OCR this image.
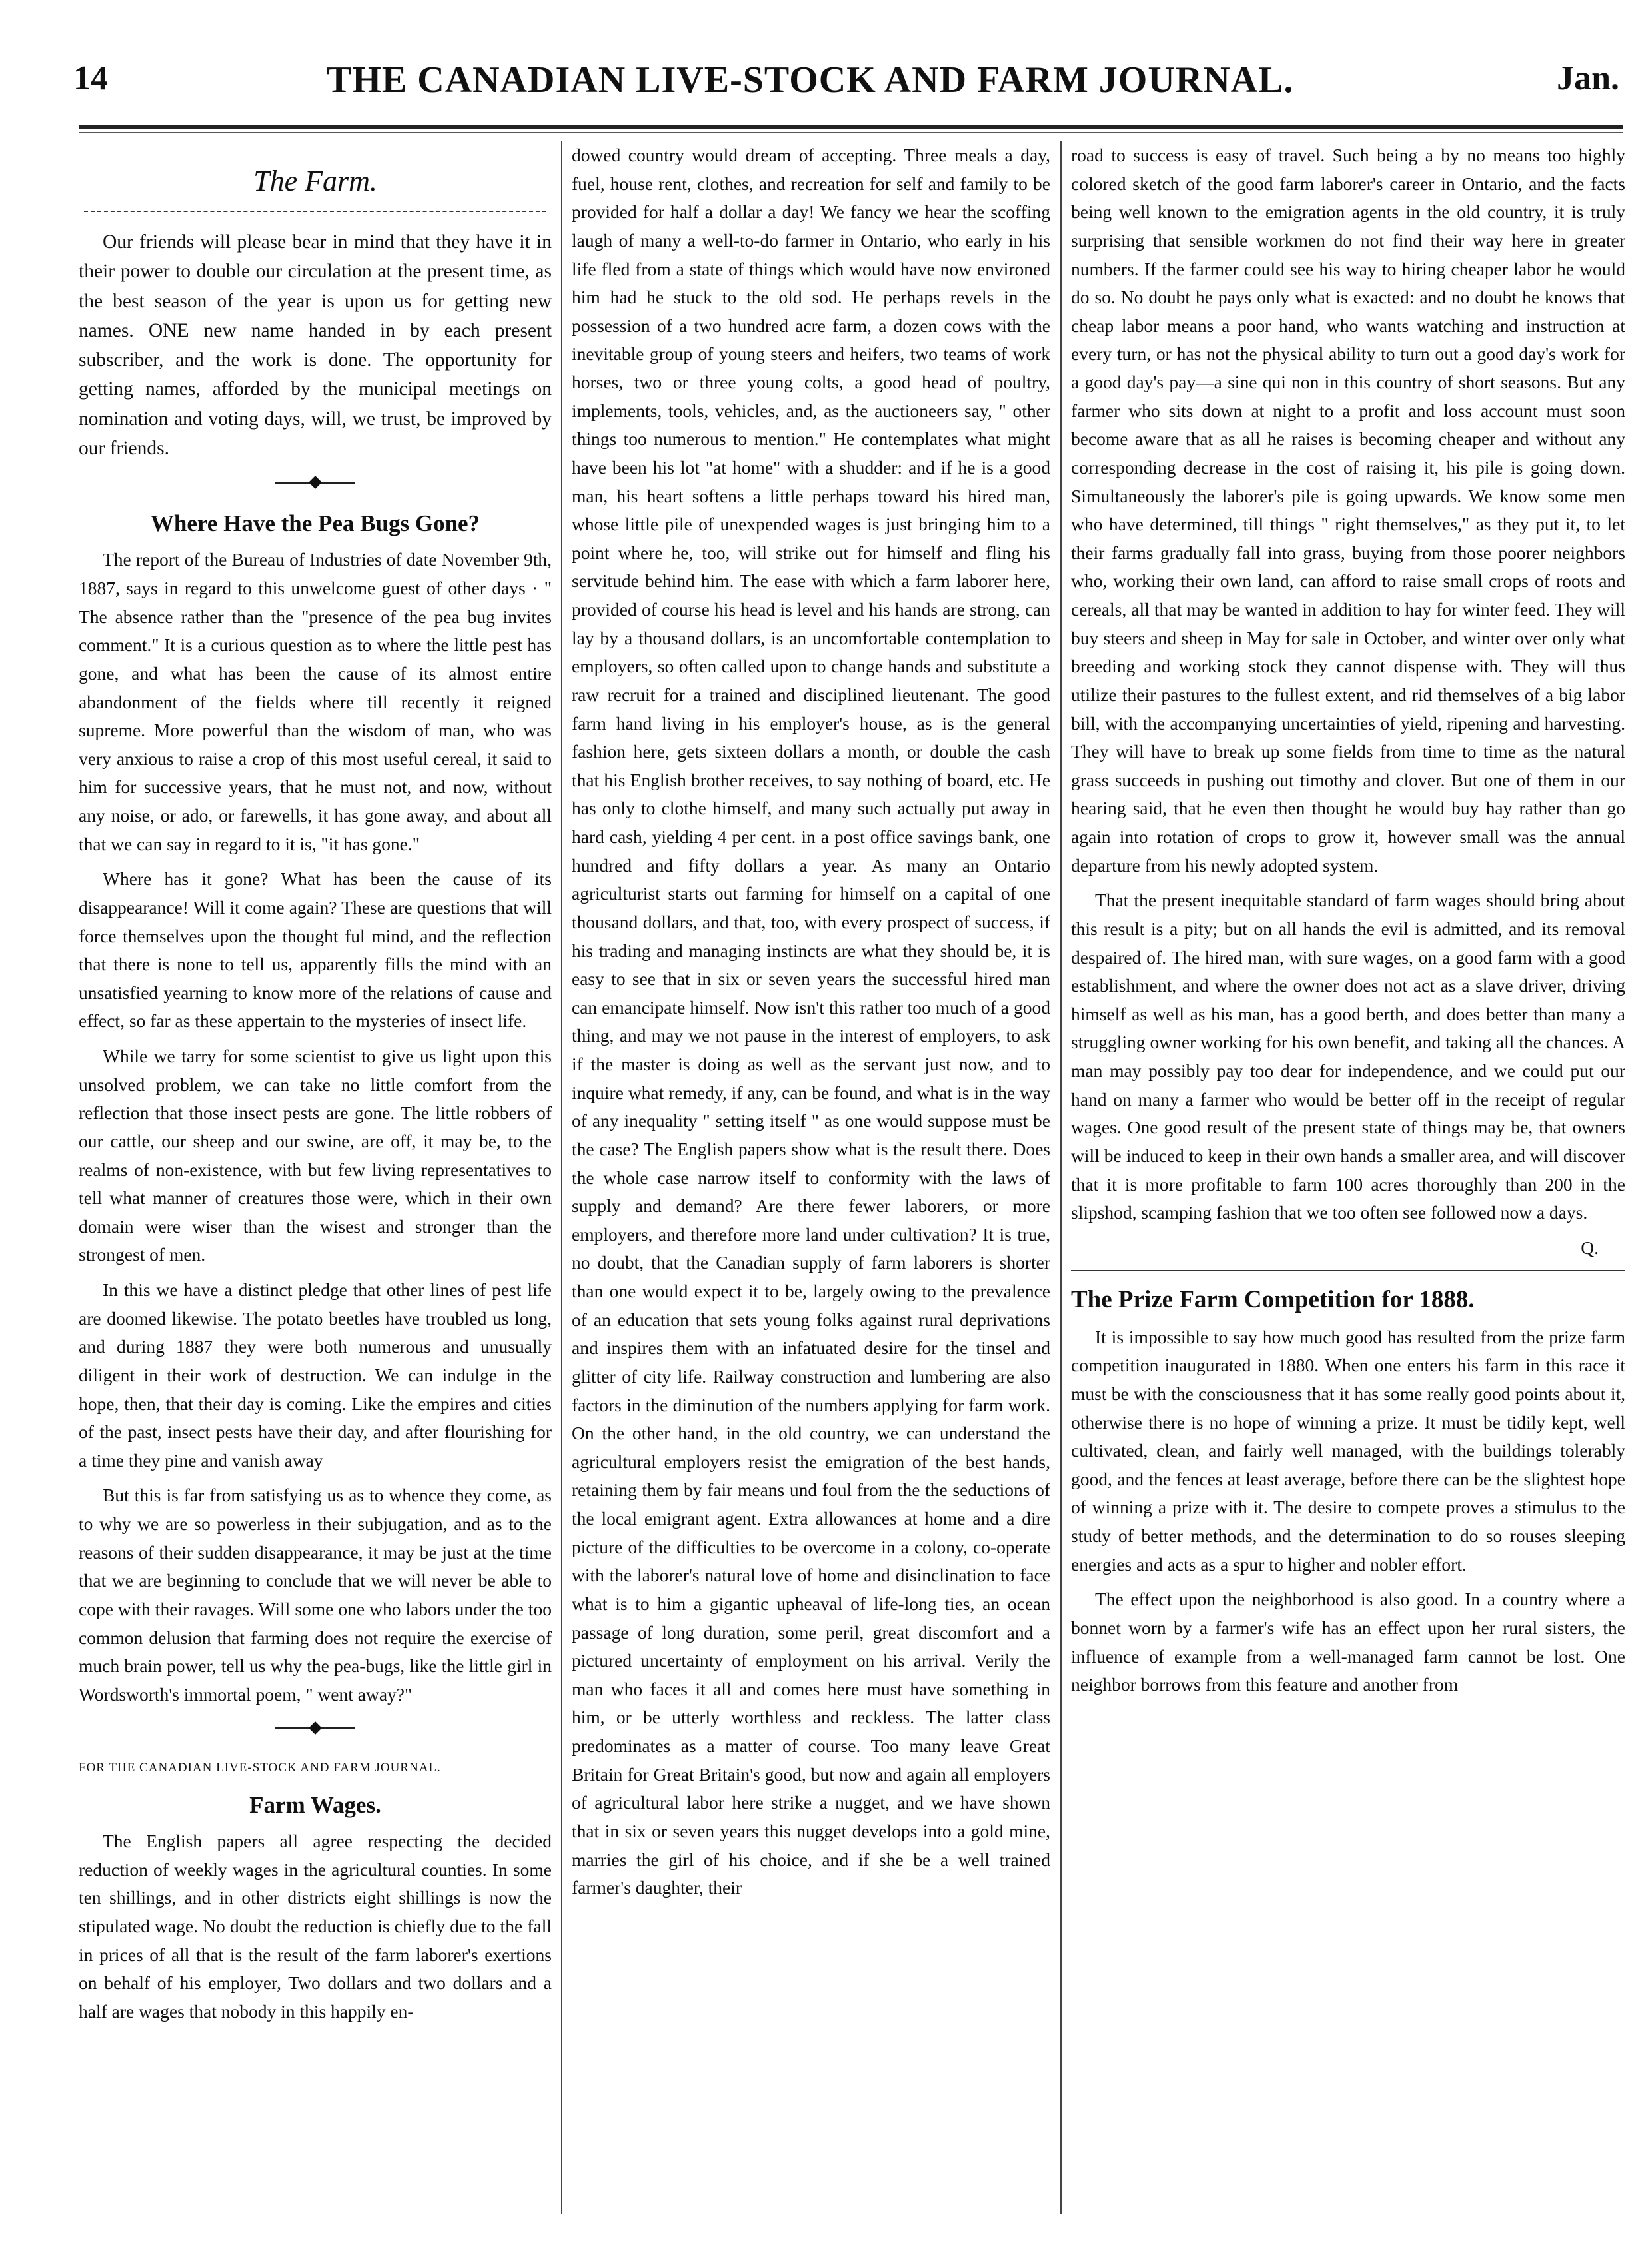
14	THE CANADIAN LIVE-STOCK AND FARM JOURNAL.	Jan.
The Farm.

Our friends will please bear in mind that they have it in their power to double our circulation at the present time, as the best season of the year is upon us for getting new names. ONE new name handed in by each present subscriber, and the work is done. The opportunity for getting names, afforded by the municipal meetings on nomination and voting days, will, we trust, be improved by our friends.

Where Have the Pea Bugs Gone?

The report of the Bureau of Industries of date November 9th, 1887, says in regard to this unwelcome guest of other days · " The absence rather than the "presence of the pea bug invites comment." It is a curious question as to where the little pest has gone, and what has been the cause of its almost entire abandonment of the fields where till recently it reigned supreme. More powerful than the wisdom of man, who was very anxious to raise a crop of this most useful cereal, it said to him for successive years, that he must not, and now, without any noise, or ado, or farewells, it has gone away, and about all that we can say in regard to it is, "it has gone."

Where has it gone? What has been the cause of its disappearance! Will it come again? These are questions that will force themselves upon the thought ful mind, and the reflection that there is none to tell us, apparently fills the mind with an unsatisfied yearning to know more of the relations of cause and effect, so far as these appertain to the mysteries of insect life.

While we tarry for some scientist to give us light upon this unsolved problem, we can take no little comfort from the reflection that those insect pests are gone. The little robbers of our cattle, our sheep and our swine, are off, it may be, to the realms of non-existence, with but few living representatives to tell what manner of creatures those were, which in their own domain were wiser than the wisest and stronger than the strongest of men.

In this we have a distinct pledge that other lines of pest life are doomed likewise. The potato beetles have troubled us long, and during 1887 they were both numerous and unusually diligent in their work of destruction. We can indulge in the hope, then, that their day is coming. Like the empires and cities of the past, insect pests have their day, and after flourishing for a time they pine and vanish away

But this is far from satisfying us as to whence they come, as to why we are so powerless in their subjugation, and as to the reasons of their sudden disappearance, it may be just at the time that we are beginning to conclude that we will never be able to cope with their ravages. Will some one who labors under the too common delusion that farming does not require the exercise of much brain power, tell us why the pea-bugs, like the little girl in Wordsworth's immortal poem, " went away?"

FOR THE CANADIAN LIVE-STOCK AND FARM JOURNAL.
Farm Wages.

The English papers all agree respecting the decided reduction of weekly wages in the agricultural counties. In some ten shillings, and in other districts eight shillings is now the stipulated wage. No doubt the reduction is chiefly due to the fall in prices of all that is the result of the farm laborer's exertions on behalf of his employer, Two dollars and two dollars and a half are wages that nobody in this happily en-

dowed country would dream of accepting. Three meals a day, fuel, house rent, clothes, and recreation for self and family to be provided for half a dollar a day! We fancy we hear the scoffing laugh of many a well-to-do farmer in Ontario, who early in his life fled from a state of things which would have now environed him had he stuck to the old sod. He perhaps revels in the possession of a two hundred acre farm, a dozen cows with the inevitable group of young steers and heifers, two teams of work horses, two or three young colts, a good head of poultry, implements, tools, vehicles, and, as the auctioneers say, " other things too numerous to mention." He contemplates what might have been his lot "at home" with a shudder: and if he is a good man, his heart softens a little perhaps toward his hired man, whose little pile of unexpended wages is just bringing him to a point where he, too, will strike out for himself and fling his servitude behind him. The ease with which a farm laborer here, provided of course his head is level and his hands are strong, can lay by a thousand dollars, is an uncomfortable contemplation to employers, so often called upon to change hands and substitute a raw recruit for a trained and disciplined lieutenant. The good farm hand living in his employer's house, as is the general fashion here, gets sixteen dollars a month, or double the cash that his English brother receives, to say nothing of board, etc. He has only to clothe himself, and many such actually put away in hard cash, yielding 4 per cent. in a post office savings bank, one hundred and fifty dollars a year. As many an Ontario agriculturist starts out farming for himself on a capital of one thousand dollars, and that, too, with every prospect of success, if his trading and managing instincts are what they should be, it is easy to see that in six or seven years the successful hired man can emancipate himself. Now isn't this rather too much of a good thing, and may we not pause in the interest of employers, to ask if the master is doing as well as the servant just now, and to inquire what remedy, if any, can be found, and what is in the way of any inequality " setting itself " as one would suppose must be the case? The English papers show what is the result there. Does the whole case narrow itself to conformity with the laws of supply and demand? Are there fewer laborers, or more employers, and therefore more land under cultivation? It is true, no doubt, that the Canadian supply of farm laborers is shorter than one would expect it to be, largely owing to the prevalence of an education that sets young folks against rural deprivations and inspires them with an infatuated desire for the tinsel and glitter of city life. Railway construction and lumbering are also factors in the diminution of the numbers applying for farm work. On the other hand, in the old country, we can understand the agricultural employers resist the emigration of the best hands, retaining them by fair means und foul from the the seductions of the local emigrant agent. Extra allowances at home and a dire picture of the difficulties to be overcome in a colony, co-operate with the laborer's natural love of home and disinclination to face what is to him a gigantic upheaval of life-long ties, an ocean passage of long duration, some peril, great discomfort and a pictured uncertainty of employment on his arrival. Verily the man who faces it all and comes here must have something in him, or be utterly worthless and reckless. The latter class predominates as a matter of course. Too many leave Great Britain for Great Britain's good, but now and again all employers of agricultural labor here strike a nugget, and we have shown that in six or seven years this nugget develops into a gold mine, marries the girl of his choice, and if she be a well trained farmer's daughter, their

road to success is easy of travel. Such being a by no means too highly colored sketch of the good farm laborer's career in Ontario, and the facts being well known to the emigration agents in the old country, it is truly surprising that sensible workmen do not find their way here in greater numbers. If the farmer could see his way to hiring cheaper labor he would do so. No doubt he pays only what is exacted: and no doubt he knows that cheap labor means a poor hand, who wants watching and instruction at every turn, or has not the physical ability to turn out a good day's work for a good day's pay—a sine qui non in this country of short seasons. But any farmer who sits down at night to a profit and loss account must soon become aware that as all he raises is becoming cheaper and without any corresponding decrease in the cost of raising it, his pile is going down. Simultaneously the laborer's pile is going upwards. We know some men who have determined, till things " right themselves," as they put it, to let their farms gradually fall into grass, buying from those poorer neighbors who, working their own land, can afford to raise small crops of roots and cereals, all that may be wanted in addition to hay for winter feed. They will buy steers and sheep in May for sale in October, and winter over only what breeding and working stock they cannot dispense with. They will thus utilize their pastures to the fullest extent, and rid themselves of a big labor bill, with the accompanying uncertainties of yield, ripening and harvesting. They will have to break up some fields from time to time as the natural grass succeeds in pushing out timothy and clover. But one of them in our hearing said, that he even then thought he would buy hay rather than go again into rotation of crops to grow it, however small was the annual departure from his newly adopted system.

That the present inequitable standard of farm wages should bring about this result is a pity; but on all hands the evil is admitted, and its removal despaired of. The hired man, with sure wages, on a good farm with a good establishment, and where the owner does not act as a slave driver, driving himself as well as his man, has a good berth, and does better than many a struggling owner working for his own benefit, and taking all the chances. A man may possibly pay too dear for independence, and we could put our hand on many a farmer who would be better off in the receipt of regular wages. One good result of the present state of things may be, that owners will be induced to keep in their own hands a smaller area, and will discover that it is more profitable to farm 100 acres thoroughly than 200 in the slipshod, scamping fashion that we too often see followed now a days.

Q.
The Prize Farm Competition for 1888.

It is impossible to say how much good has resulted from the prize farm competition inaugurated in 1880. When one enters his farm in this race it must be with the consciousness that it has some really good points about it, otherwise there is no hope of winning a prize. It must be tidily kept, well cultivated, clean, and fairly well managed, with the buildings tolerably good, and the fences at least average, before there can be the slightest hope of winning a prize with it. The desire to compete proves a stimulus to the study of better methods, and the determination to do so rouses sleeping energies and acts as a spur to higher and nobler effort.

The effect upon the neighborhood is also good. In a country where a bonnet worn by a farmer's wife has an effect upon her rural sisters, the influence of example from a well-managed farm cannot be lost. One neighbor borrows from this feature and another from
